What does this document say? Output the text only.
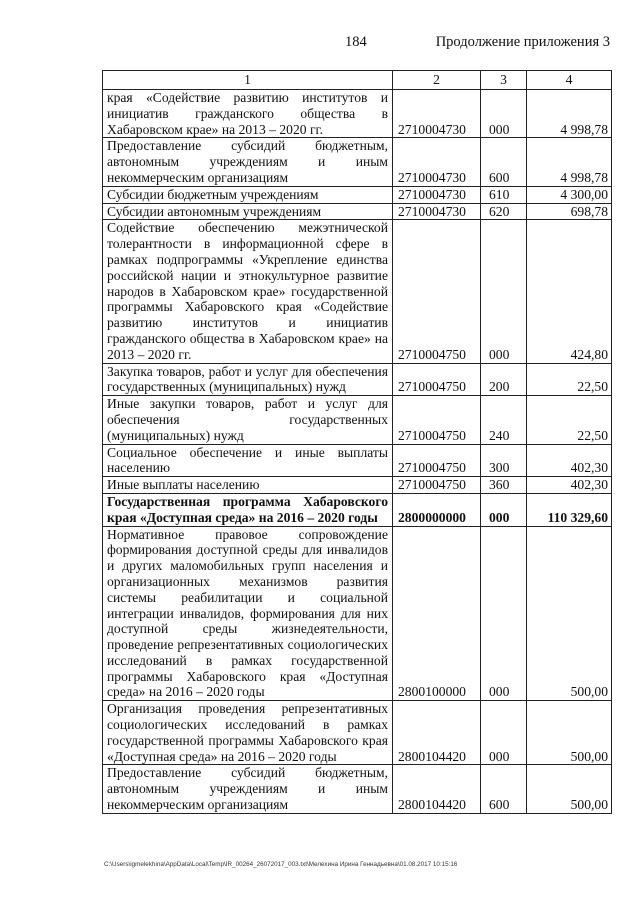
184	Продолжение приложения 3
1	2	3	4
края «Содействие развитию институтов и инициатив гражданского общества в Хабаровском крае» на 2013 – 2020 гг.	2710004730	000	4 998,78
Предоставление субсидий бюджетным, автономным учреждениям и иным некоммерческим организациям	2710004730	600	4 998,78
Субсидии бюджетным учреждениям	2710004730	610	4 300,00
Субсидии автономным учреждениям	2710004730	620	698,78
Содействие обеспечению межэтнической толерантности в информационной сфере в рамках подпрограммы «Укрепление единства российской нации и этнокультурное развитие народов в Хабаровском крае» государственной программы Хабаровского края «Содействие развитию институтов и инициатив гражданского общества в Хабаровском крае» на 2013 – 2020 гг.	2710004750	000	424,80
Закупка товаров, работ и услуг для обеспечения государственных (муниципальных) нужд	2710004750	200	22,50
Иные закупки товаров, работ и услуг для обеспечения государственных (муниципальных) нужд	2710004750	240	22,50
Социальное обеспечение и иные выплаты населению	2710004750	300	402,30
Иные выплаты населению	2710004750	360	402,30
Государственная программа Хабаровского края «Доступная среда» на 2016 – 2020 годы	2800000000	000	110 329,60
Нормативное правовое сопровождение формирования доступной среды для инвалидов и других маломобильных групп населения и организационных механизмов развития системы реабилитации и социальной интеграции инвалидов, формирования для них доступной среды жизнедеятельности, проведение репрезентативных социологических исследований в рамках государственной программы Хабаровского края «Доступная среда» на 2016 – 2020 годы	2800100000	000	500,00
Организация проведения репрезентативных социологических исследований в рамках государственной программы Хабаровского края «Доступная среда» на 2016 – 2020 годы	2800104420	000	500,00
Предоставление субсидий бюджетным, автономным учреждениям и иным некоммерческим организациям	2800104420	600	500,00
C:\Users\igmelekhina\AppData\Local\Temp\IR_00264_26072017_003.txt\Мелехина Ирина Геннадьевна\01.08.2017 10:15:16
